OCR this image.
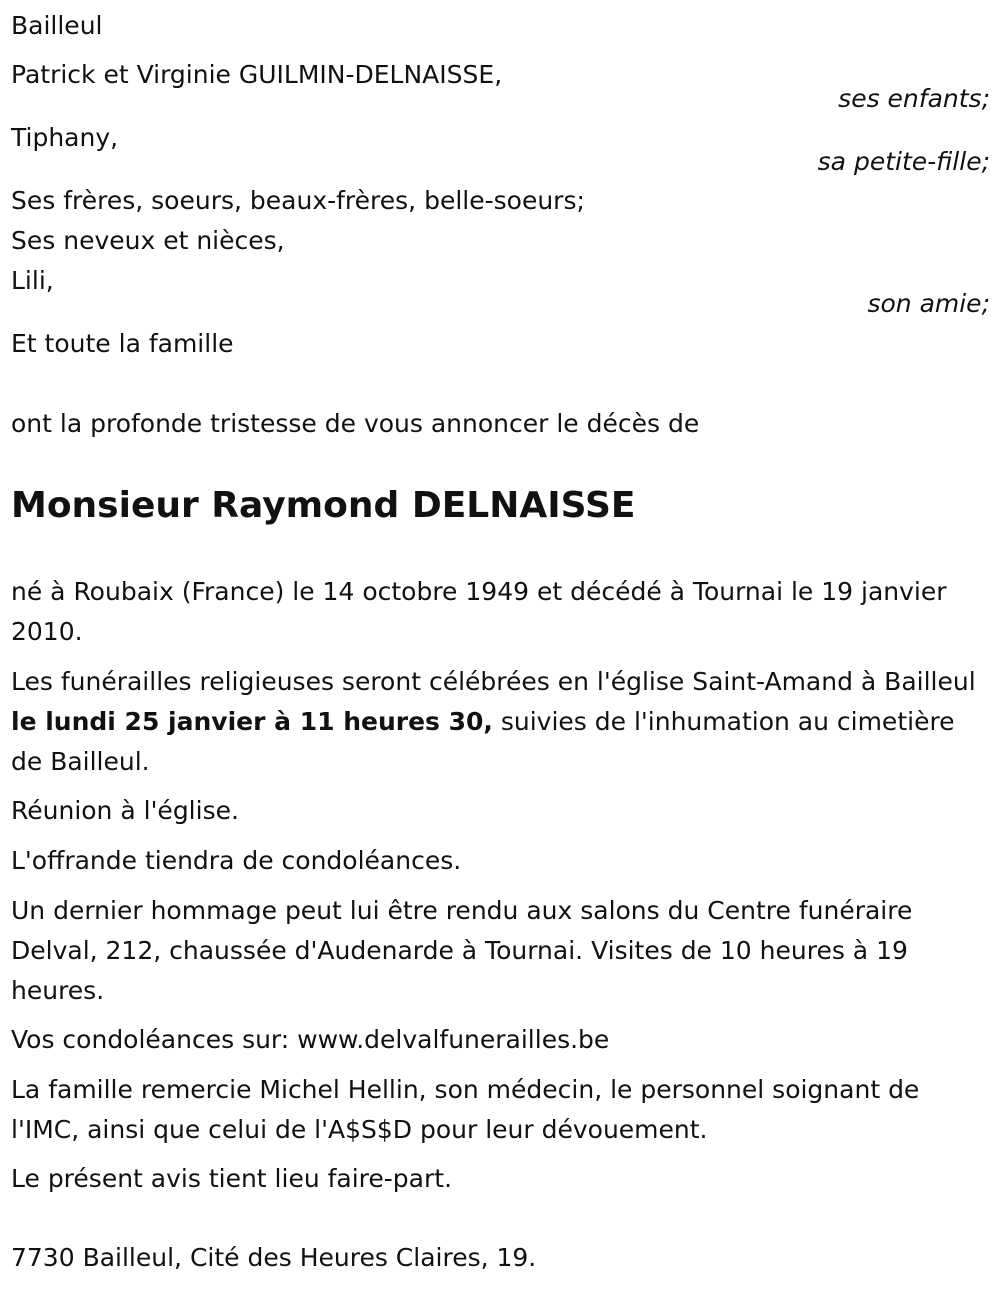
Bailleul
Patrick et Virginie GUILMIN-DELNAISSE,
ses enfants;
Tiphany,
sa petite-fille;
Ses frères, soeurs, beaux-frères, belle-soeurs;
Ses neveux et nièces,
Lili,
son amie;
Et toute la famille
ont la profonde tristesse de vous annoncer le décès de
Monsieur Raymond DELNAISSE
né à Roubaix (France) le 14 octobre 1949 et décédé à Tournai le 19 janvier 2010.
Les funérailles religieuses seront célébrées en l'église Saint-Amand à Bailleul le lundi 25 janvier à 11 heures 30, suivies de l'inhumation au cimetière de Bailleul.
Réunion à l'église.
L'offrande tiendra de condoléances.
Un dernier hommage peut lui être rendu aux salons du Centre funéraire Delval, 212, chaussée d'Audenarde à Tournai. Visites de 10 heures à 19 heures.
Vos condoléances sur: www.delvalfunerailles.be
La famille remercie Michel Hellin, son médecin, le personnel soignant de l'IMC, ainsi que celui de l'A$S$D pour leur dévouement.
Le présent avis tient lieu faire-part.
7730 Bailleul, Cité des Heures Claires, 19.
